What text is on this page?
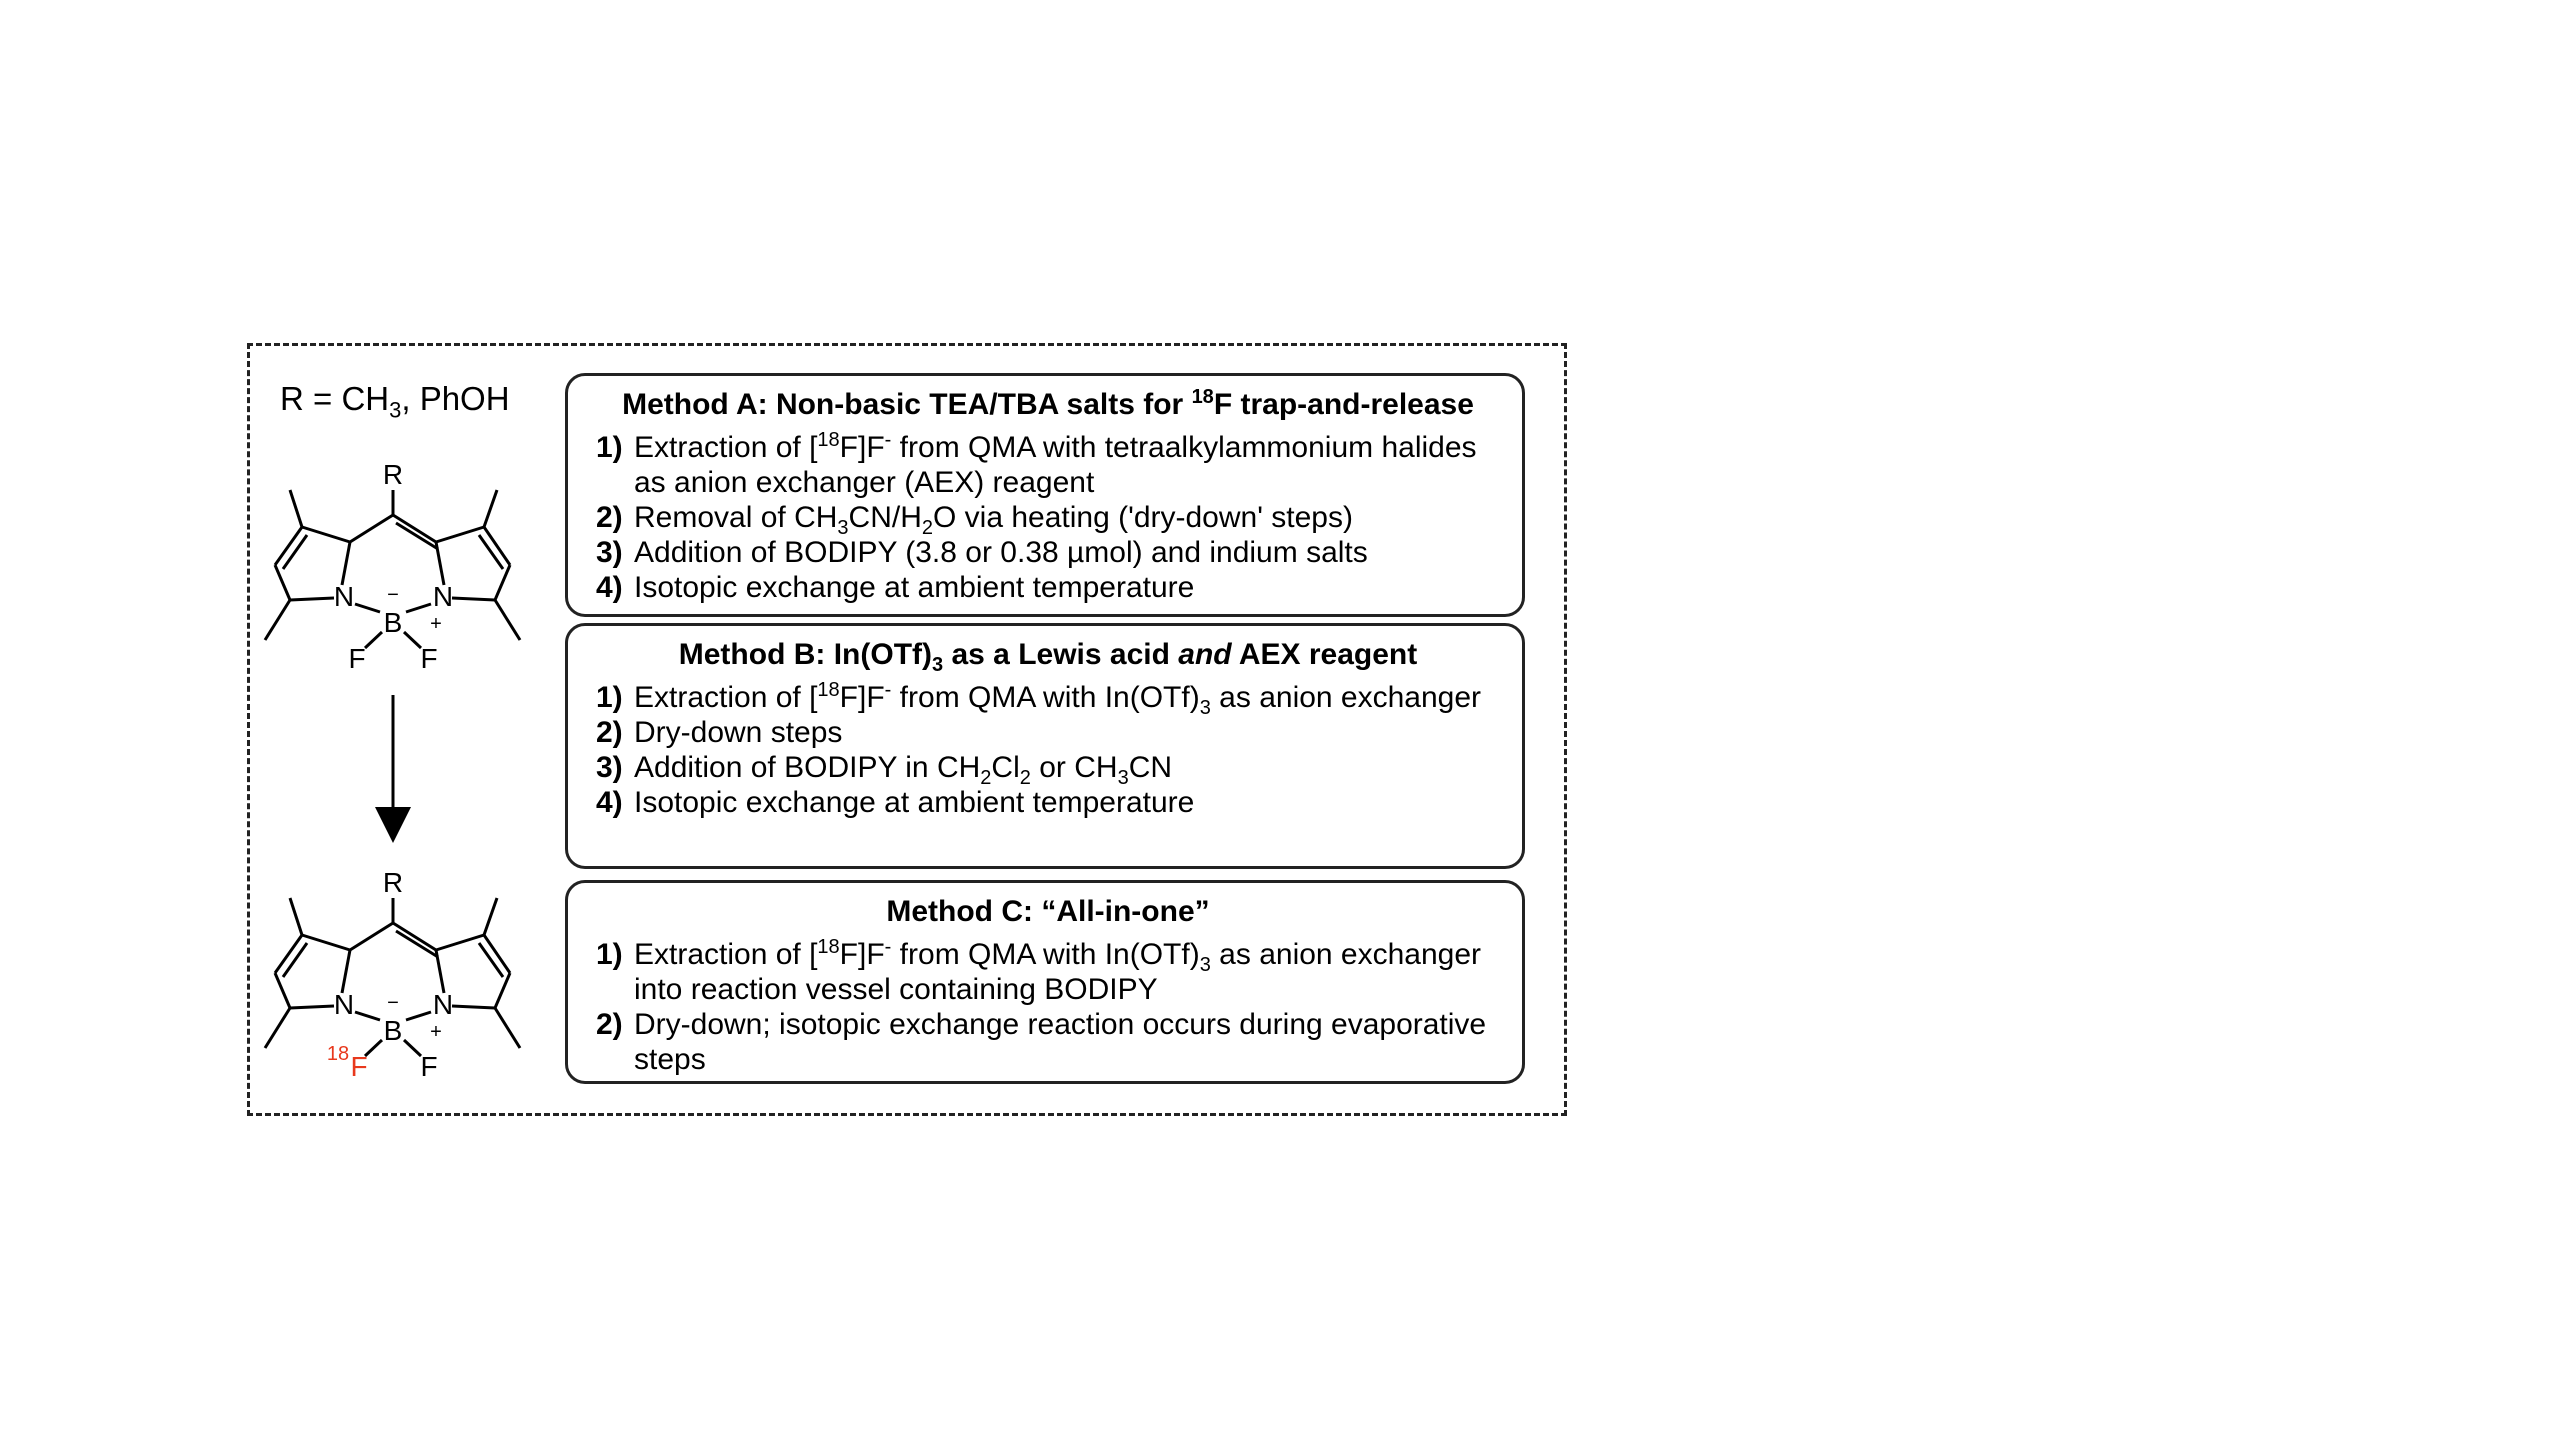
$R = CH_3$, PhOH
R
N	N
B
−
+
F F
R
N	N
B
−
+
18 F F
Method A: Non-basic TEA/TBA salts for $^{18}$F trap-and-release
1) Extraction of [$^{18}$F]F- from QMA with tetraalkylammonium halides as anion exchanger (AEX) reagent
2) Removal of $CH_3CN/H_2O$ via heating ('dry-down' steps)
3) Addition of BODIPY (3.8 or 0.38 µmol) and indium salts
4) Isotopic exchange at ambient temperature
Method B: $In(OTf)_3$ as a Lewis acid and AEX reagent
1) Extraction of [$^{18}$F]F- from QMA with $In(OTf)_3$ as anion exchanger
2) Dry-down steps
3) Addition of BODIPY in $CH_2Cl_2$ or $CH_3CN$
4) Isotopic exchange at ambient temperature
Method C: “All-in-one”
1) Extraction of [$^{18}$F]F- from QMA with $In(OTf)_3$ as anion exchanger into reaction vessel containing BODIPY
2) Dry-down; isotopic exchange reaction occurs during evaporative steps
